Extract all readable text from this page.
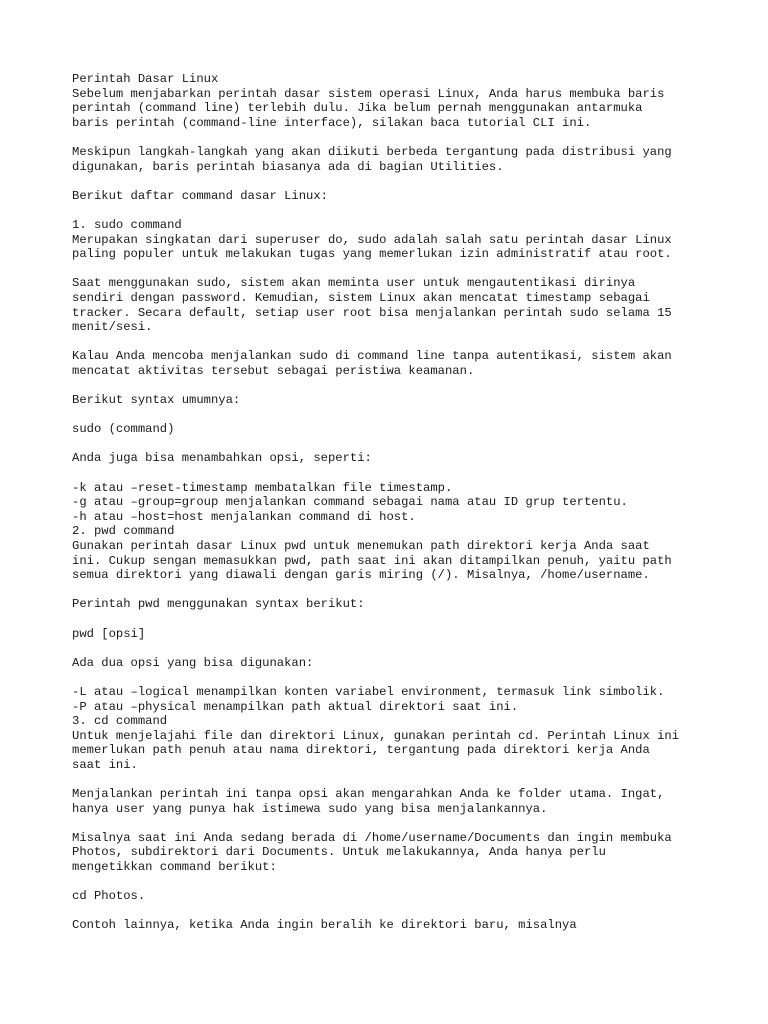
Perintah Dasar Linux
Sebelum menjabarkan perintah dasar sistem operasi Linux, Anda harus membuka baris
perintah (command line) terlebih dulu. Jika belum pernah menggunakan antarmuka
baris perintah (command-line interface), silakan baca tutorial CLI ini.
Meskipun langkah-langkah yang akan diikuti berbeda tergantung pada distribusi yang
digunakan, baris perintah biasanya ada di bagian Utilities.
Berikut daftar command dasar Linux:
1. sudo command
Merupakan singkatan dari superuser do, sudo adalah salah satu perintah dasar Linux
paling populer untuk melakukan tugas yang memerlukan izin administratif atau root.
Saat menggunakan sudo, sistem akan meminta user untuk mengautentikasi dirinya
sendiri dengan password. Kemudian, sistem Linux akan mencatat timestamp sebagai
tracker. Secara default, setiap user root bisa menjalankan perintah sudo selama 15
menit/sesi.
Kalau Anda mencoba menjalankan sudo di command line tanpa autentikasi, sistem akan
mencatat aktivitas tersebut sebagai peristiwa keamanan.
Berikut syntax umumnya:
sudo (command)
Anda juga bisa menambahkan opsi, seperti:
-k atau –reset-timestamp membatalkan file timestamp.
-g atau –group=group menjalankan command sebagai nama atau ID grup tertentu.
-h atau –host=host menjalankan command di host.
2. pwd command
Gunakan perintah dasar Linux pwd untuk menemukan path direktori kerja Anda saat
ini. Cukup sengan memasukkan pwd, path saat ini akan ditampilkan penuh, yaitu path
semua direktori yang diawali dengan garis miring (/). Misalnya, /home/username.
Perintah pwd menggunakan syntax berikut:
pwd [opsi]
Ada dua opsi yang bisa digunakan:
-L atau –logical menampilkan konten variabel environment, termasuk link simbolik.
-P atau –physical menampilkan path aktual direktori saat ini.
3. cd command
Untuk menjelajahi file dan direktori Linux, gunakan perintah cd. Perintah Linux ini
memerlukan path penuh atau nama direktori, tergantung pada direktori kerja Anda
saat ini.
Menjalankan perintah ini tanpa opsi akan mengarahkan Anda ke folder utama. Ingat,
hanya user yang punya hak istimewa sudo yang bisa menjalankannya.
Misalnya saat ini Anda sedang berada di /home/username/Documents dan ingin membuka
Photos, subdirektori dari Documents. Untuk melakukannya, Anda hanya perlu
mengetikkan command berikut:
cd Photos.
Contoh lainnya, ketika Anda ingin beralih ke direktori baru, misalnya
